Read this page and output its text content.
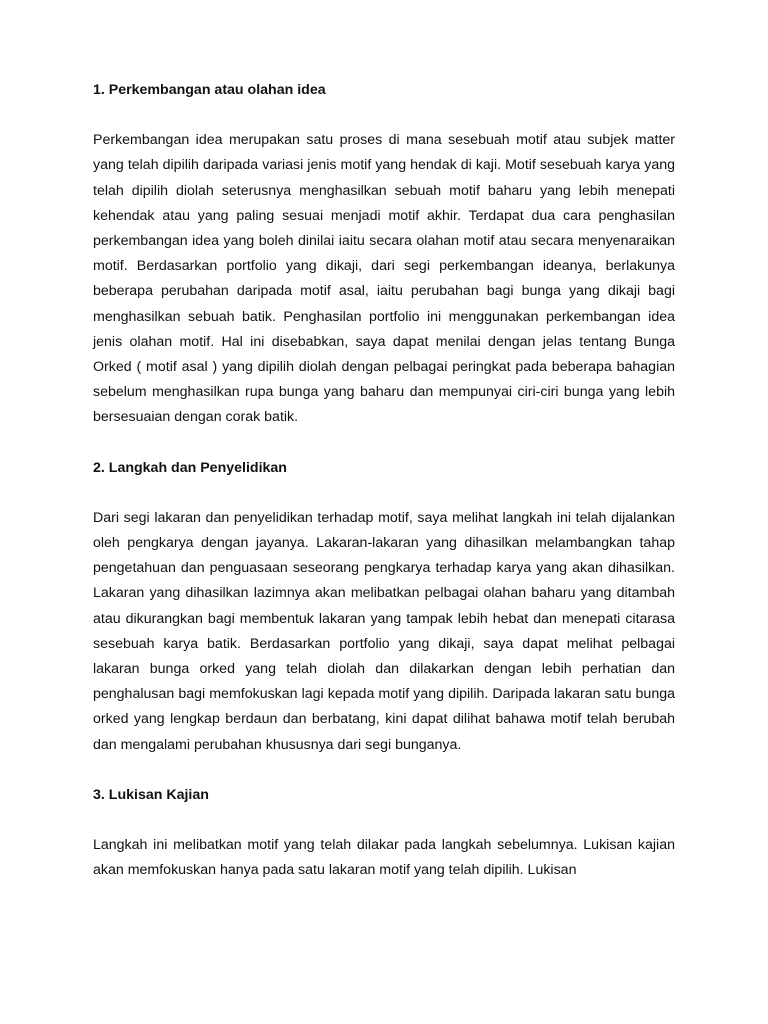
1. Perkembangan atau olahan idea

Perkembangan idea merupakan satu proses di mana sesebuah motif atau subjek matter yang telah dipilih daripada variasi jenis motif yang hendak di kaji. Motif sesebuah karya yang telah dipilih diolah seterusnya menghasilkan sebuah motif baharu yang lebih menepati kehendak atau yang paling sesuai menjadi motif akhir. Terdapat dua cara penghasilan perkembangan idea yang boleh dinilai iaitu secara olahan motif atau secara menyenaraikan motif. Berdasarkan portfolio yang dikaji, dari segi perkembangan ideanya, berlakunya beberapa perubahan daripada motif asal, iaitu perubahan bagi bunga yang dikaji bagi menghasilkan sebuah batik. Penghasilan portfolio ini menggunakan perkembangan idea jenis olahan motif. Hal ini disebabkan, saya dapat menilai dengan jelas tentang Bunga Orked ( motif asal ) yang dipilih diolah dengan pelbagai peringkat pada beberapa bahagian sebelum menghasilkan rupa bunga yang baharu dan mempunyai ciri-ciri bunga yang lebih bersesuaian dengan corak batik.

2. Langkah dan Penyelidikan

Dari segi lakaran dan penyelidikan terhadap motif, saya melihat langkah ini telah dijalankan oleh pengkarya dengan jayanya. Lakaran-lakaran yang dihasilkan melambangkan tahap pengetahuan dan penguasaan seseorang pengkarya terhadap karya yang akan dihasilkan. Lakaran yang dihasilkan lazimnya akan melibatkan pelbagai olahan baharu yang ditambah atau dikurangkan bagi membentuk lakaran yang tampak lebih hebat dan menepati citarasa sesebuah karya batik. Berdasarkan portfolio yang dikaji, saya dapat melihat pelbagai lakaran bunga orked yang telah diolah dan dilakarkan dengan lebih perhatian dan penghalusan bagi memfokuskan lagi kepada motif yang dipilih. Daripada lakaran satu bunga orked yang lengkap berdaun dan berbatang, kini dapat dilihat bahawa motif telah berubah dan mengalami perubahan khususnya dari segi bunganya.

3. Lukisan Kajian

Langkah ini melibatkan motif yang telah dilakar pada langkah sebelumnya. Lukisan kajian akan memfokuskan hanya pada satu lakaran motif yang telah dipilih. Lukisan
